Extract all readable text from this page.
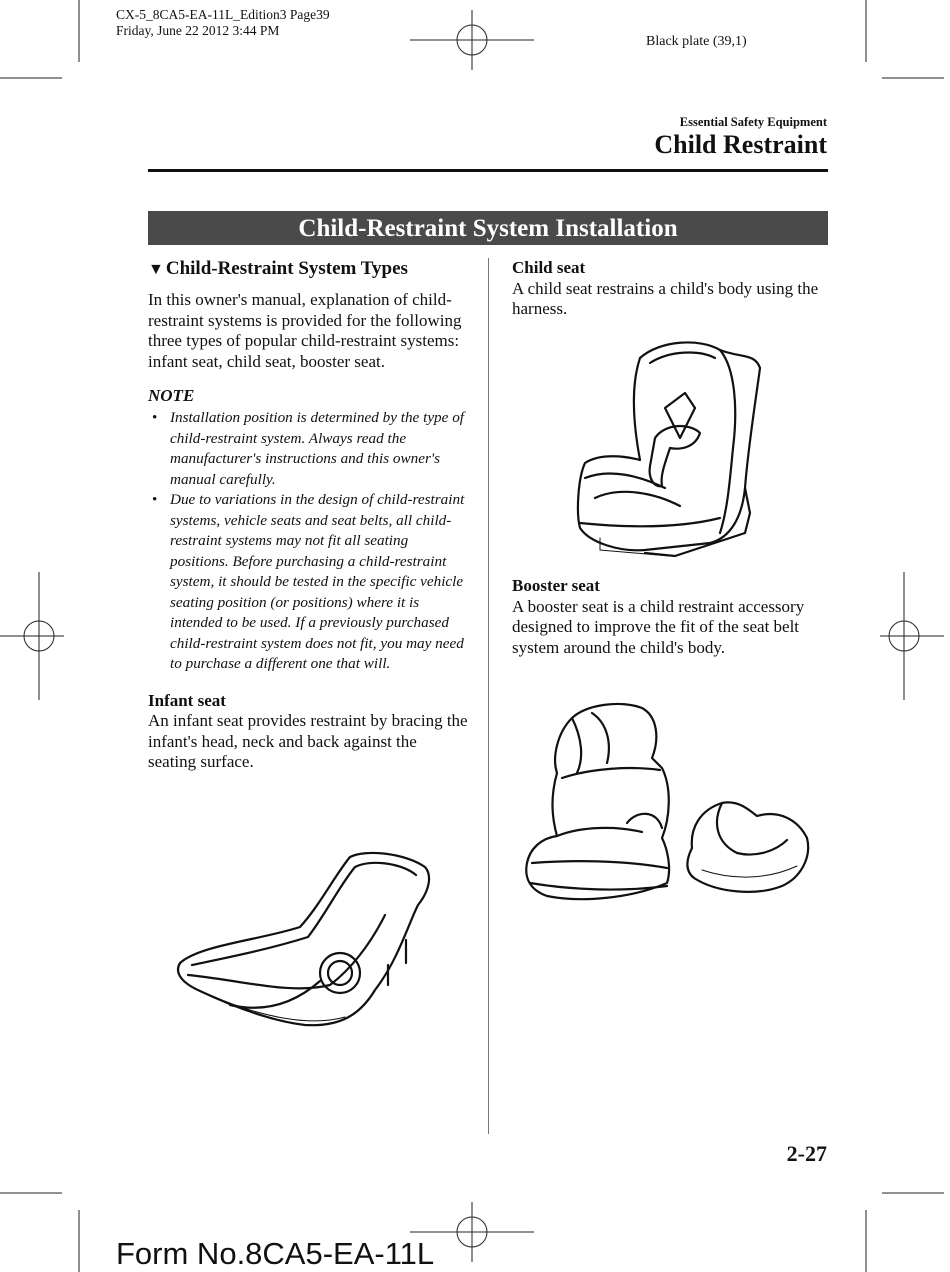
CX-5_8CA5-EA-11L_Edition3 Page39
Friday, June 22 2012 3:44 PM
Black plate (39,1)
Essential Safety Equipment
Child Restraint
Child-Restraint System Installation
▼ Child-Restraint System Types

In this owner's manual, explanation of child-restraint systems is provided for the following three types of popular child-restraint systems: infant seat, child seat, booster seat.

NOTE
• Installation position is determined by the type of child-restraint system. Always read the manufacturer's instructions and this owner's manual carefully.
• Due to variations in the design of child-restraint systems, vehicle seats and seat belts, all child-restraint systems may not fit all seating positions. Before purchasing a child-restraint system, it should be tested in the specific vehicle seating position (or positions) where it is intended to be used. If a previously purchased child-restraint system does not fit, you may need to purchase a different one that will.
Infant seat

An infant seat provides restraint by bracing the infant's head, neck and back against the seating surface.

Child seat

A child seat restrains a child's body using the harness.

Booster seat

A booster seat is a child restraint accessory designed to improve the fit of the seat belt system around the child's body.

2-27
Form No.8CA5-EA-11L
